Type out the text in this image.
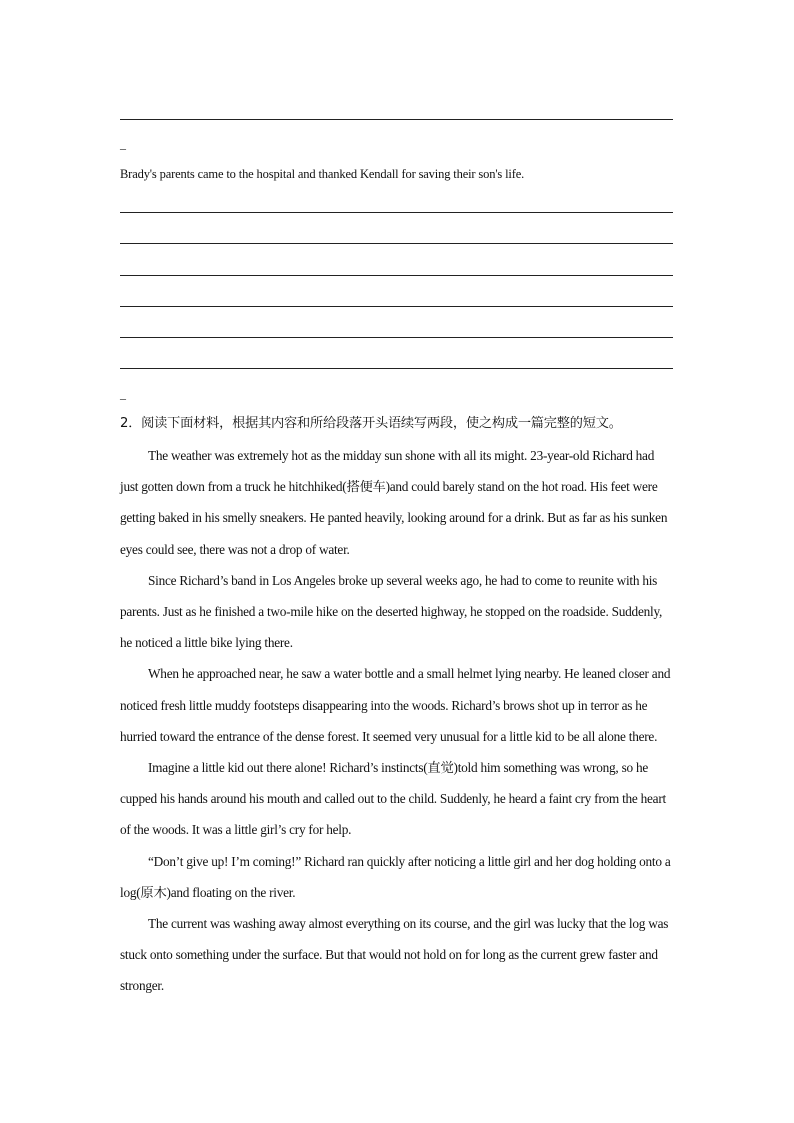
–
Brady's parents came to the hospital and thanked Kendall for saving their son's life.
–
2．阅读下面材料，根据其内容和所给段落开头语续写两段，使之构成一篇完整的短文。

The weather was extremely hot as the midday sun shone with all its might. 23-year-old Richard had just gotten down from a truck he hitchhiked(搭便车)and could barely stand on the hot road. His feet were getting baked in his smelly sneakers. He panted heavily, looking around for a drink. But as far as his sunken eyes could see, there was not a drop of water.

Since Richard’s band in Los Angeles broke up several weeks ago, he had to come to reunite with his parents. Just as he finished a two-mile hike on the deserted highway, he stopped on the roadside. Suddenly, he noticed a little bike lying there.

When he approached near, he saw a water bottle and a small helmet lying nearby. He leaned closer and noticed fresh little muddy footsteps disappearing into the woods. Richard’s brows shot up in terror as he hurried toward the entrance of the dense forest. It seemed very unusual for a little kid to be all alone there.

Imagine a little kid out there alone! Richard’s instincts(直觉)told him something was wrong, so he cupped his hands around his mouth and called out to the child. Suddenly, he heard a faint cry from the heart of the woods. It was a little girl’s cry for help.

“Don’t give up! I’m coming!” Richard ran quickly after noticing a little girl and her dog holding onto a log(原木)and floating on the river.

The current was washing away almost everything on its course, and the girl was lucky that the log was stuck onto something under the surface. But that would not hold on for long as the current grew faster and stronger.
